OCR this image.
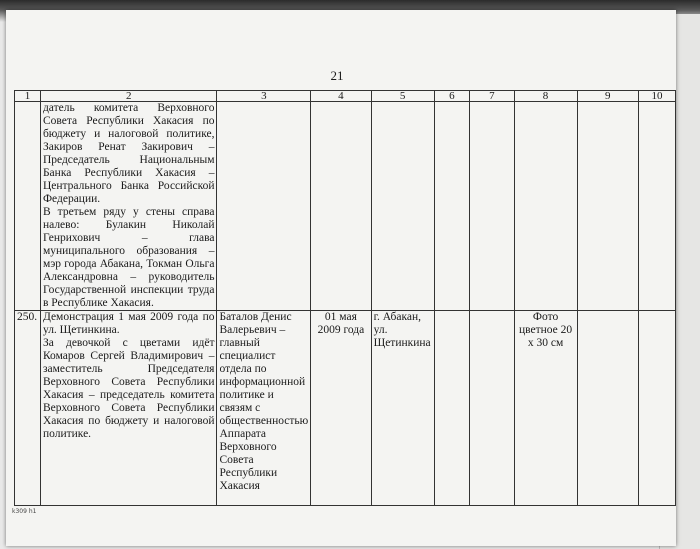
21
1	2	3	4	5	6	7	8	9	10

	датель комитета Верховного Совета Республики Хакасия по бюджету и налоговой политике, Закиров Ренат Закирович – Председатель Национальным Банка Республики Хакасия – Центрального Банка Российской Федерации.

В третьем ряду у стены справа налево: Булакин Николай Генрихович – глава муниципального образования – мэр города Абакана, Токман Ольга Александровна – руководитель Государственной инспекции труда в Республике Хакасия.								

250.	Демонстрация 1 мая 2009 года по ул. Щетинкина.

За девочкой с цветами идёт Комаров Сергей Владимирович – заместитель Председателя Верховного Совета Республики Хакасия – председатель комитета Верховного Совета Республики Хакасия по бюджету и налоговой политике.	Баталов Денис Валерьевич – главный специалист отдела по информационной политике и связям с общественностью Аппарата Верховного Совета Республики Хакасия	01 мая 2009 года	г. Абакан, ул. Щетинкина			Фото цветное 20 х 30 см		
k309 h1
